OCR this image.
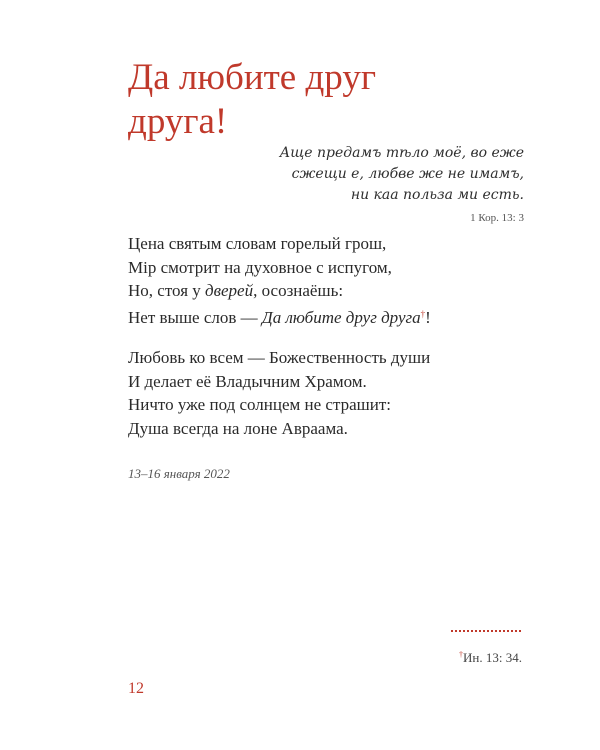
Да любите друг
друга!
Аще предамъ тѣло моё, во еже
сжещи е, любве же не имамъ,
ни каа польза ми есть.
1 Кор. 13: 3
Цена святым словам горелый грош,
Мір смотрит на духовное с испугом,
Но, стоя у дверей, осознаёшь:
Нет выше слов — Да любите друг друга†!
Любовь ко всем — Божественность души
И делает её Владычним Храмом.
Ничто уже под солнцем не страшит:
Душа всегда на лоне Авраама.
13–16 января 2022
†Ин. 13: 34.
12
